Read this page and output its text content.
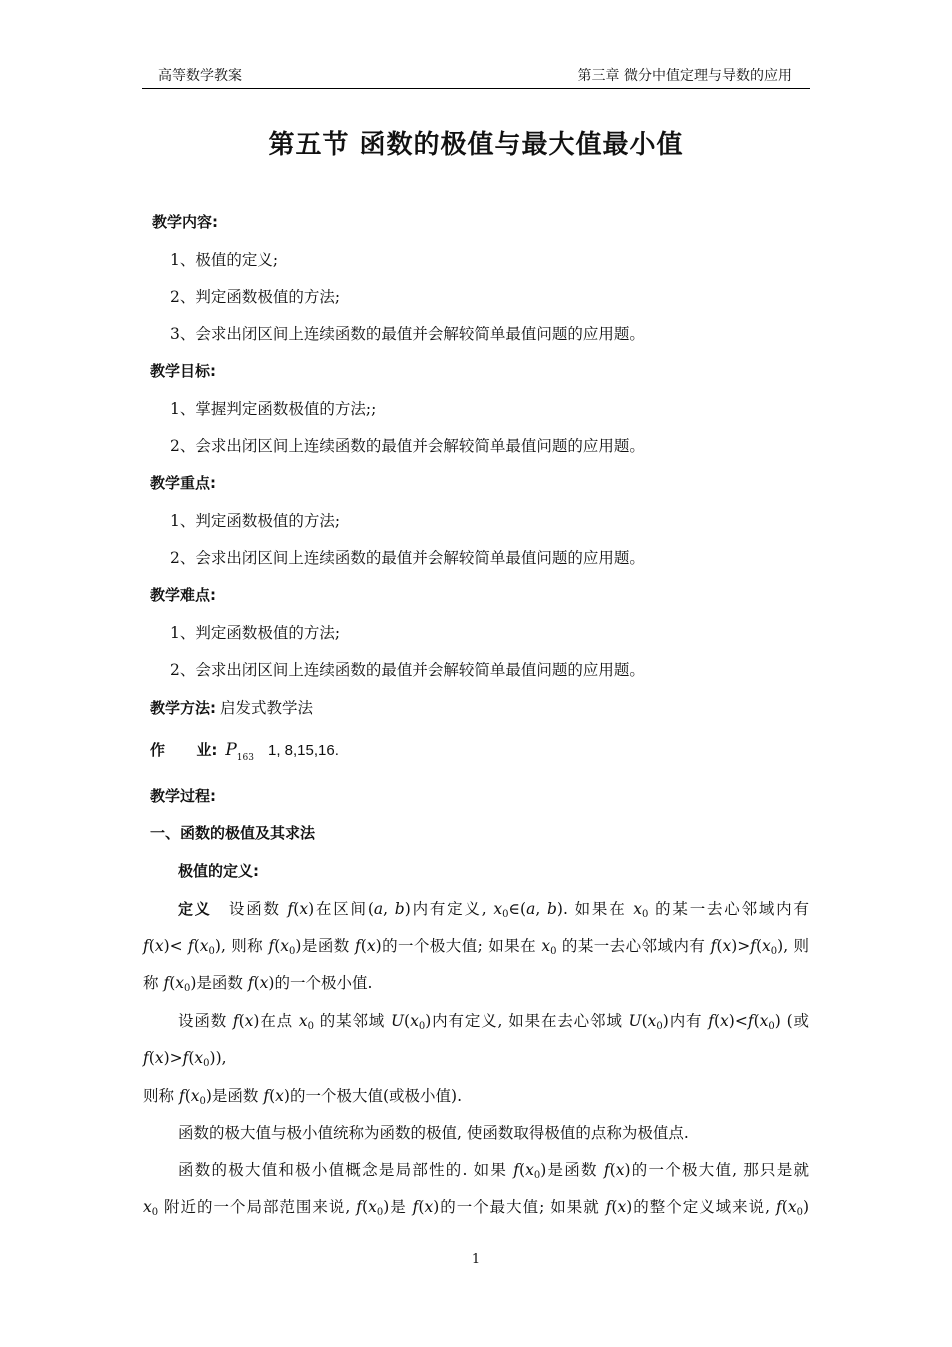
高等数学教案	第三章 微分中值定理与导数的应用
第五节 函数的极值与最大值最小值
教学内容:
1、极值的定义;
2、判定函数极值的方法;
3、会求出闭区间上连续函数的最值并会解较简单最值问题的应用题。
教学目标:
1、掌握判定函数极值的方法;;
2、会求出闭区间上连续函数的最值并会解较简单最值问题的应用题。
教学重点:
1、判定函数极值的方法;
2、会求出闭区间上连续函数的最值并会解较简单最值问题的应用题。
教学难点:
1、判定函数极值的方法;
2、会求出闭区间上连续函数的最值并会解较简单最值问题的应用题。
教学方法: 启发式教学法
作      业: $P_{163}$ 1, 8,15,16.
教学过程:
一、函数的极值及其求法
极值的定义:
定义　设函数 f(x)在区间(a, b)内有定义, $x_0\in(a$, b). 如果在 $x_0$ 的某一去心邻域内有
$f(x)< f(x_0)$, 则称 $f(x_0)$是函数 f(x)的一个极大值; 如果在 $x_0$ 的某一去心邻域内有 $f(x)>f(x_0)$, 则
称 $f(x_0)$是函数 f(x)的一个极小值.
设函数 f(x)在点 $x_0$ 的某邻域 $U(x_0)$内有定义, 如果在去心邻域 $U(x_0)$内有 $f(x)<f(x_0)$ (或
$f(x)>f(x_0)$),
则称 $f(x_0)$是函数 f(x)的一个极大值(或极小值).
函数的极大值与极小值统称为函数的极值, 使函数取得极值的点称为极值点.
函数的极大值和极小值概念是局部性的. 如果 $f(x_0)$是函数 f(x)的一个极大值, 那只是就
$x_0$ 附近的一个局部范围来说, $f(x_0)$是 f(x)的一个最大值; 如果就 f(x)的整个定义域来说, $f(x_0)$
1
